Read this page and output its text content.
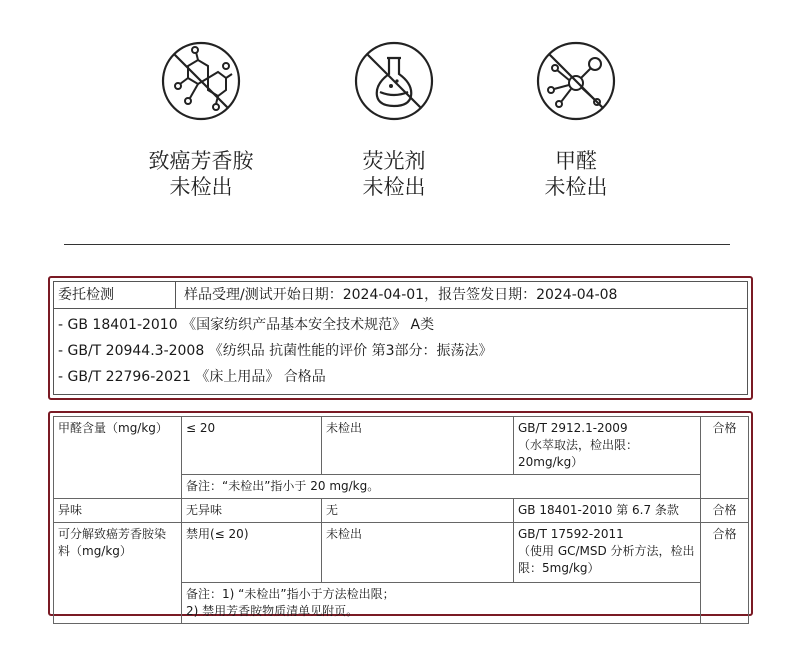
致癌芳香胺
未检出
荧光剂
未检出
甲醛
未检出
委托检测	样品受理/测试开始日期：2024-04-01，报告签发日期：2024-04-08
- GB 18401-2010 《国家纺织产品基本安全技术规范》 A类
- GB/T 20944.3-2008 《纺织品 抗菌性能的评价 第3部分：振荡法》
- GB/T 22796-2021 《床上用品》 合格品
甲醛含量（mg/kg）	≤ 20	未检出	GB/T 2912.1-2009
（水萃取法，检出限：20mg/kg）	合格
	备注：“未检出”指小于 20 mg/kg。			
异味	无异味	无	GB 18401-2010 第 6.7 条款	合格
可分解致癌芳香胺染料（mg/kg）	禁用(≤ 20)	未检出	GB/T 17592-2011
（使用 GC/MSD 分析方法，检出限：5mg/kg）	合格

	备注：1) “未检出”指小于方法检出限；
2) 禁用芳香胺物质清单见附页。			
